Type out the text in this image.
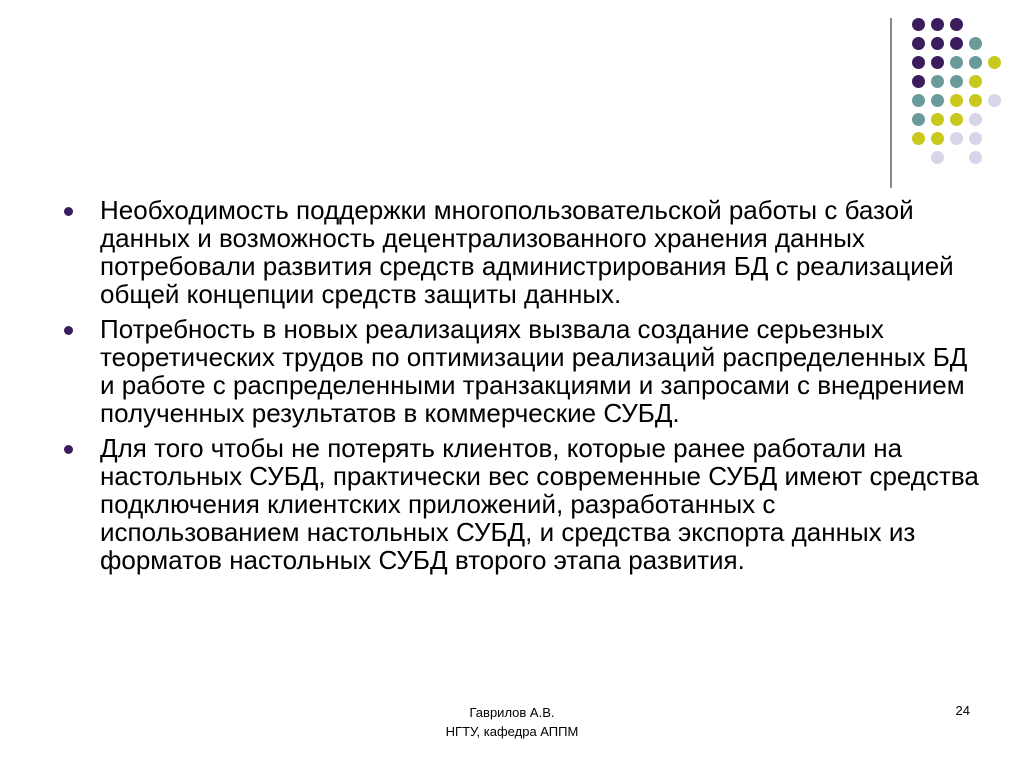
Необходимость поддержки многопользовательской работы с базой данных и возможность децентрализованного хранения данных потребовали развития средств администрирования БД с реализацией общей концепции средств защиты данных.
Потребность в новых реализациях вызвала создание серьезных теоретических трудов по оптимизации реализаций распределенных БД и работе с распределенными транзакциями и запросами с внедрением полученных результатов в коммерческие СУБД.
Для того чтобы не потерять клиентов, которые ранее работали на настольных СУБД, практически вес современные СУБД имеют средства подключения клиентских приложений, разработанных с использованием настольных СУБД, и средства экспорта данных из форматов настольных СУБД второго этапа развития.
Гаврилов А.В.
НГТУ, кафедра АППМ
24
